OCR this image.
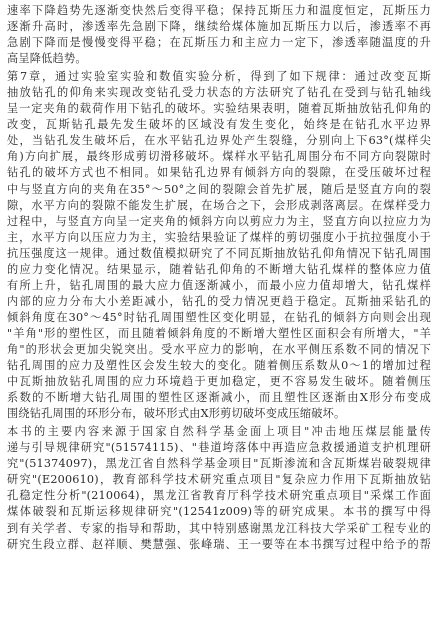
速率下降趋势先逐渐变快然后变得平稳；保持瓦斯压力和温度恒定，瓦斯压力
逐渐升高时，渗透率先急剧下降，继续给煤体施加瓦斯压力以后，渗透率不再
急剧下降而是慢慢变得平稳；在瓦斯压力和主应力一定下，渗透率随温度的升
高呈降低趋势。
第7章，通过实验室实验和数值实验分析，得到了如下规律：通过改变瓦斯
抽放钻孔的仰角来实现改变钻孔受力状态的方法研究了钻孔在受到与钻孔轴线
呈一定夹角的载荷作用下钻孔的破坏。实验结果表明，随着瓦斯抽放钻孔仰角的
改变，瓦斯钻孔最先发生破坏的区域没有发生变化，始终是在钻孔水平边界
处，当钻孔发生破坏后，在水平钻孔边界处产生裂缝，分别向上下63°(煤样尖
角)方向扩展，最终形成剪切滑移破坏。煤样水平钻孔周围分布不同方向裂隙时
钻孔的破坏方式也不相同。如果钻孔边界有倾斜方向的裂隙，在受压破坏过程
中与竖直方向的夹角在35°～50°之间的裂隙会首先扩展，随后是竖直方向的裂
隙，水平方向的裂隙不能发生扩展，在场合之下，会形成剥落离层。在煤样受力
过程中，与竖直方向呈一定夹角的倾斜方向以剪应力为主，竖直方向以拉应力为
主，水平方向以压应力为主，实验结果验证了煤样的剪切强度小于抗拉强度小于
抗压强度这一规律。通过数值模拟研究了不同瓦斯抽放钻孔仰角情况下钻孔周围
的应力变化情况。结果显示，随着钻孔仰角的不断增大钻孔煤样的整体应力值
有所上升，钻孔周围的最大应力值逐渐减小，而最小应力值却增大，钻孔煤样
内部的应力分布大小差距减小，钻孔的受力情况更趋于稳定。瓦斯抽采钻孔的
倾斜角度在30°～45°时钻孔周围塑性区变化明显，在钻孔的倾斜方向则会出现
"羊角"形的塑性区，而且随着倾斜角度的不断增大塑性区面积会有所增大，"羊
角"的形状会更加尖锐突出。受水平应力的影响，在水平侧压系数不同的情况下
钻孔周围的应力及塑性区会发生较大的变化。随着侧压系数从0～1的增加过程
中瓦斯抽放钻孔周围的应力环境趋于更加稳定，更不容易发生破坏。随着侧压
系数的不断增大钻孔周围的塑性区逐渐减小，而且塑性区逐渐由X形分布变成
围绕钻孔周围的环形分布，破坏形式由X形剪切破坏变成压缩破坏。
本书的主要内容来源于国家自然科学基金面上项目"冲击地压煤层能量传
递与引导规律研究"(51574115)、"巷道垮落体中再造应急救援通道支护机理研
究"(51374097)，黑龙江省自然科学基金项目"瓦斯渗流和含瓦斯煤岩破裂规律
研究"(E200610)，教育部科学技术研究重点项目"复杂应力作用下瓦斯抽放钻
孔稳定性分析"(210064)，黑龙江省教育厅科学技术研究重点项目"采煤工作面
煤体破裂和瓦斯运移规律研究"(12541z009)等的研究成果。本书的撰写中得
到有关学者、专家的指导和帮助，其中特别感谢黑龙江科技大学采矿工程专业的
研究生段立群、赵祥顺、樊慧强、张峰瑞、王一要等在本书撰写过程中给予的帮
